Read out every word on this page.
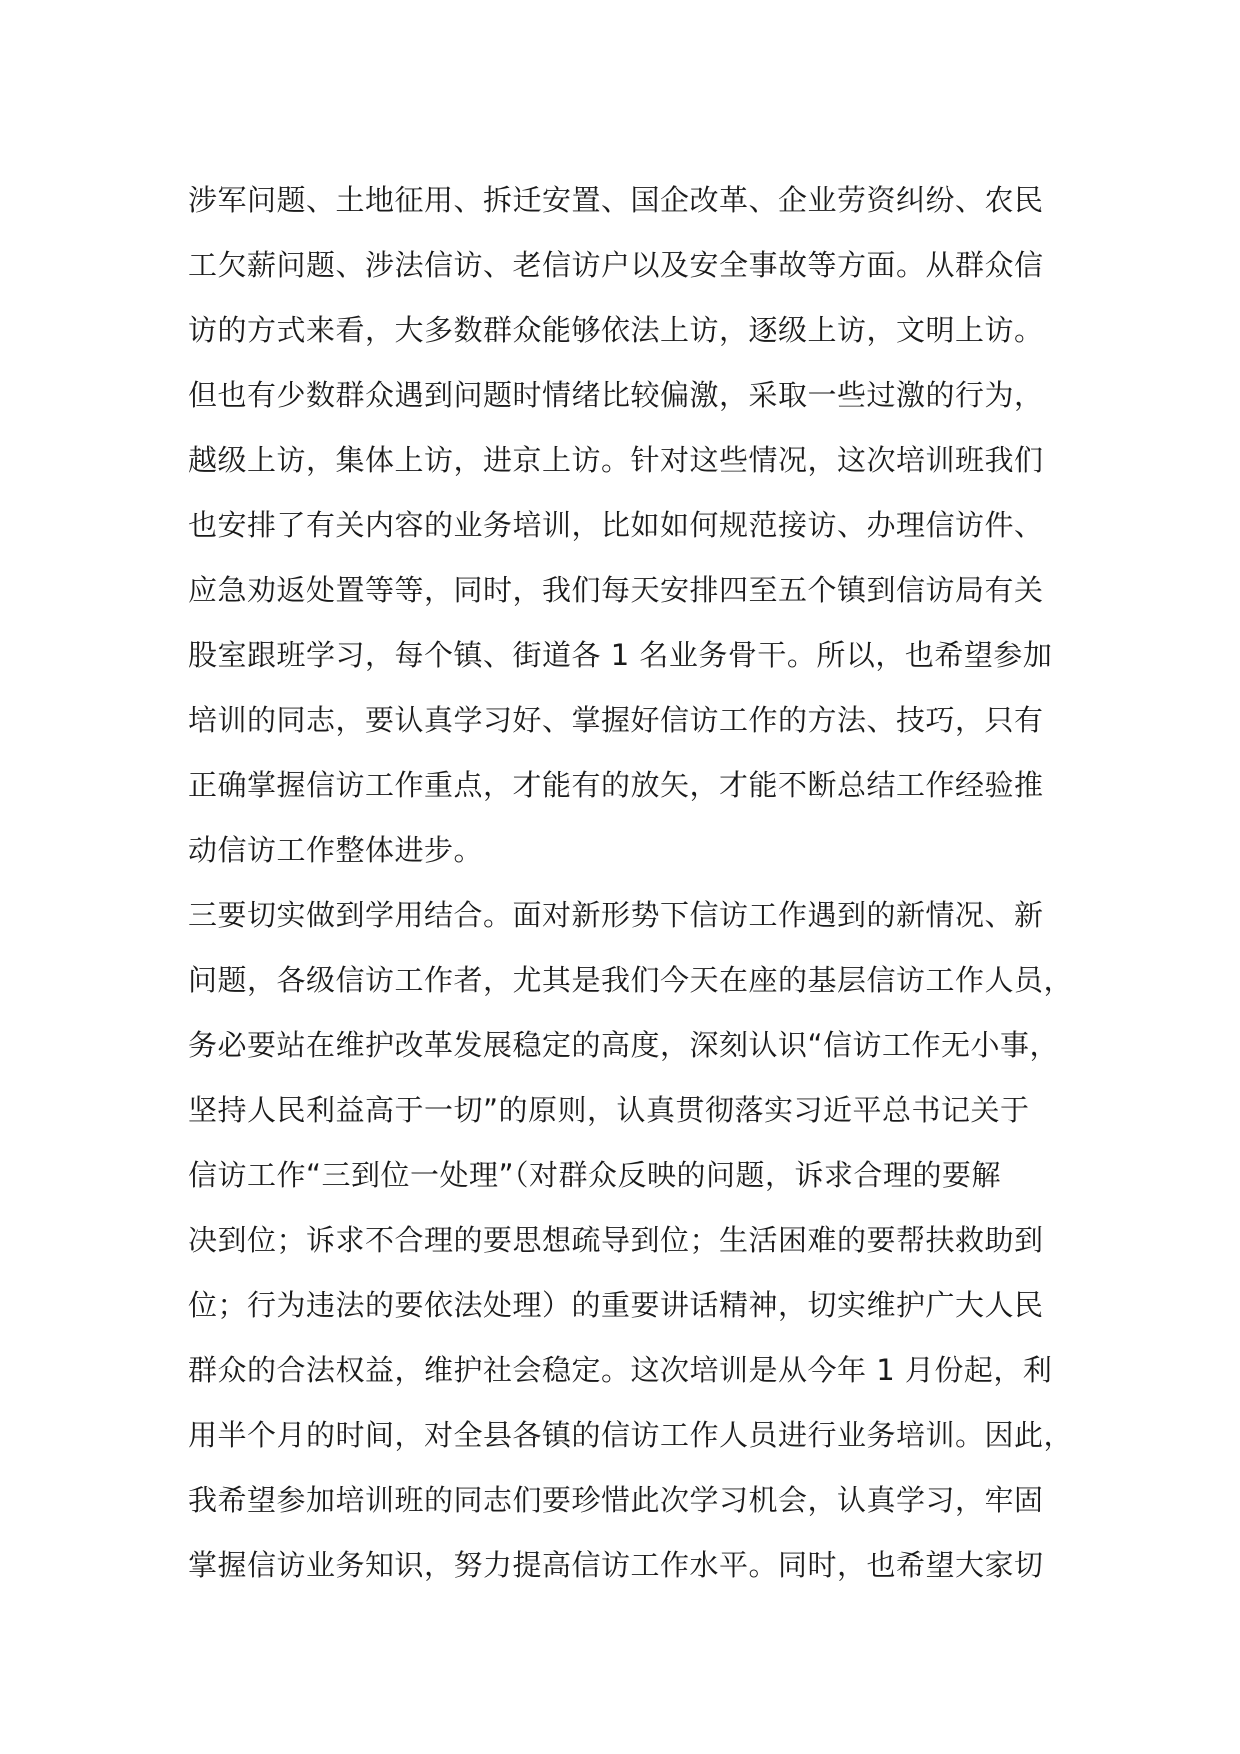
涉军问题、土地征用、拆迁安置、国企改革、企业劳资纠纷、农民
工欠薪问题、涉法信访、老信访户以及安全事故等方面。从群众信
访的方式来看，大多数群众能够依法上访，逐级上访，文明上访。
但也有少数群众遇到问题时情绪比较偏激，采取一些过激的行为，
越级上访，集体上访，进京上访。针对这些情况，这次培训班我们
也安排了有关内容的业务培训，比如如何规范接访、办理信访件、
应急劝返处置等等，同时，我们每天安排四至五个镇到信访局有关
股室跟班学习，每个镇、街道各 1 名业务骨干。所以，也希望参加
培训的同志，要认真学习好、掌握好信访工作的方法、技巧，只有
正确掌握信访工作重点，才能有的放矢，才能不断总结工作经验推
动信访工作整体进步。
三要切实做到学用结合。面对新形势下信访工作遇到的新情况、新
问题，各级信访工作者，尤其是我们今天在座的基层信访工作人员，
务必要站在维护改革发展稳定的高度，深刻认识“信访工作无小事，
坚持人民利益高于一切”的原则，认真贯彻落实习近平总书记关于
信访工作“三到位一处理”（对群众反映的问题，诉求合理的要解
决到位；诉求不合理的要思想疏导到位；生活困难的要帮扶救助到
位；行为违法的要依法处理）的重要讲话精神，切实维护广大人民
群众的合法权益，维护社会稳定。这次培训是从今年 1 月份起，利
用半个月的时间，对全县各镇的信访工作人员进行业务培训。因此，
我希望参加培训班的同志们要珍惜此次学习机会，认真学习，牢固
掌握信访业务知识，努力提高信访工作水平。同时，也希望大家切
